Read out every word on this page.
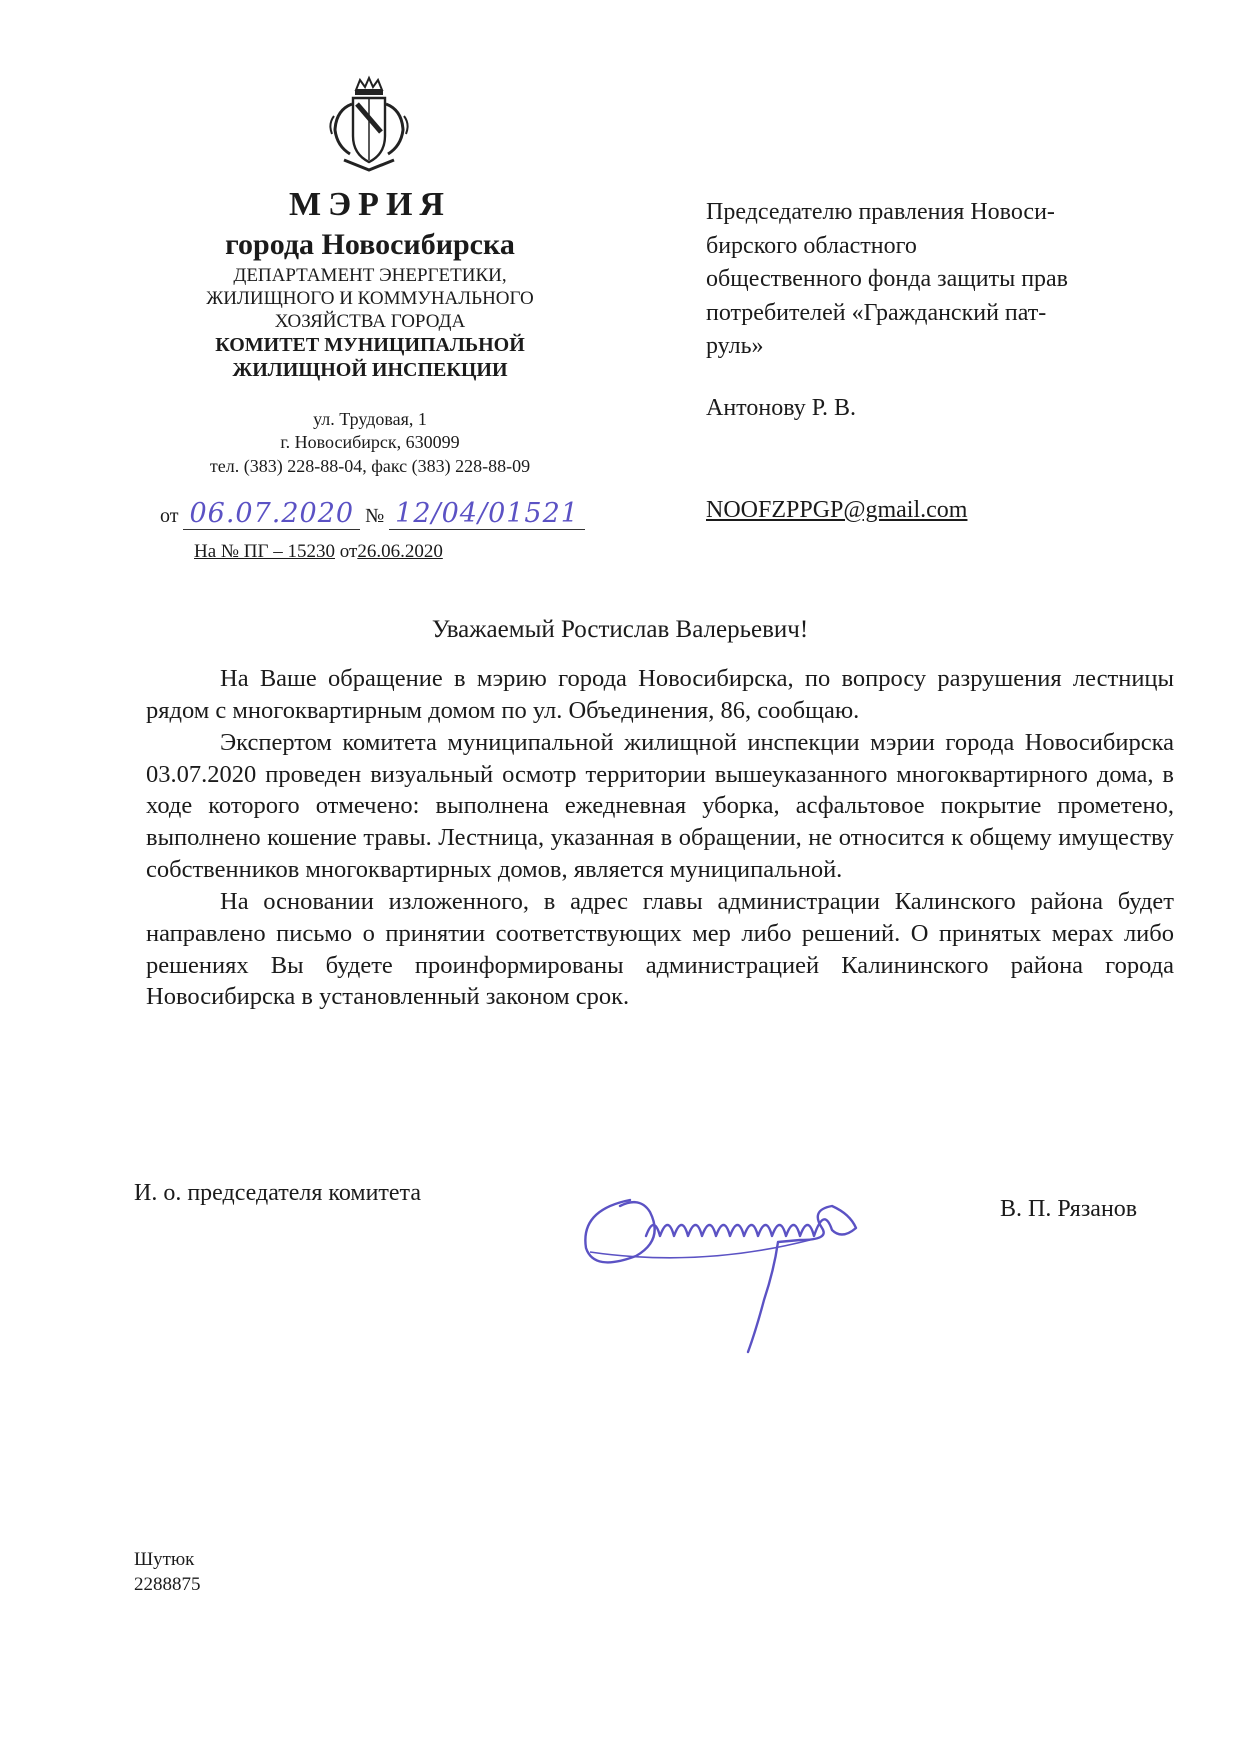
МЭРИЯ
города Новосибирска
ДЕПАРТАМЕНТ ЭНЕРГЕТИКИ,
ЖИЛИЩНОГО И КОММУНАЛЬНОГО
ХОЗЯЙСТВА ГОРОДА
КОМИТЕТ МУНИЦИПАЛЬНОЙ
ЖИЛИЩНОЙ ИНСПЕКЦИИ
ул. Трудовая, 1
г. Новосибирск, 630099
тел. (383) 228-88-04, факс (383) 228-88-09
от 06.07.2020 № 12/04/01521
На № ПГ – 15230 от26.06.2020
Председателю правления Новоси-
бирского областного
общественного фонда защиты прав
потребителей «Гражданский пат-
руль»
Антонову Р. В.
NOOFZPPGP@gmail.com
Уважаемый Ростислав Валерьевич!

На Ваше обращение в мэрию города Новосибирска, по вопросу разрушения лестницы рядом с многоквартирным домом по ул. Объединения, 86, сообщаю.

Экспертом комитета муниципальной жилищной инспекции мэрии города Новосибирска 03.07.2020 проведен визуальный осмотр территории вышеуказанного многоквартирного дома, в ходе которого отмечено: выполнена ежедневная уборка, асфальтовое покрытие прометено, выполнено кошение травы. Лестница, указанная в обращении, не относится к общему имуществу собственников многоквартирных домов, является муниципальной.

На основании изложенного, в адрес главы администрации Калинского района будет направлено письмо о принятии соответствующих мер либо решений. О принятых мерах либо решениях Вы будете проинформированы администрацией Калининского района города Новосибирска в установленный законом срок.

И. о. председателя комитета
В. П. Рязанов
Шутюк
2288875
